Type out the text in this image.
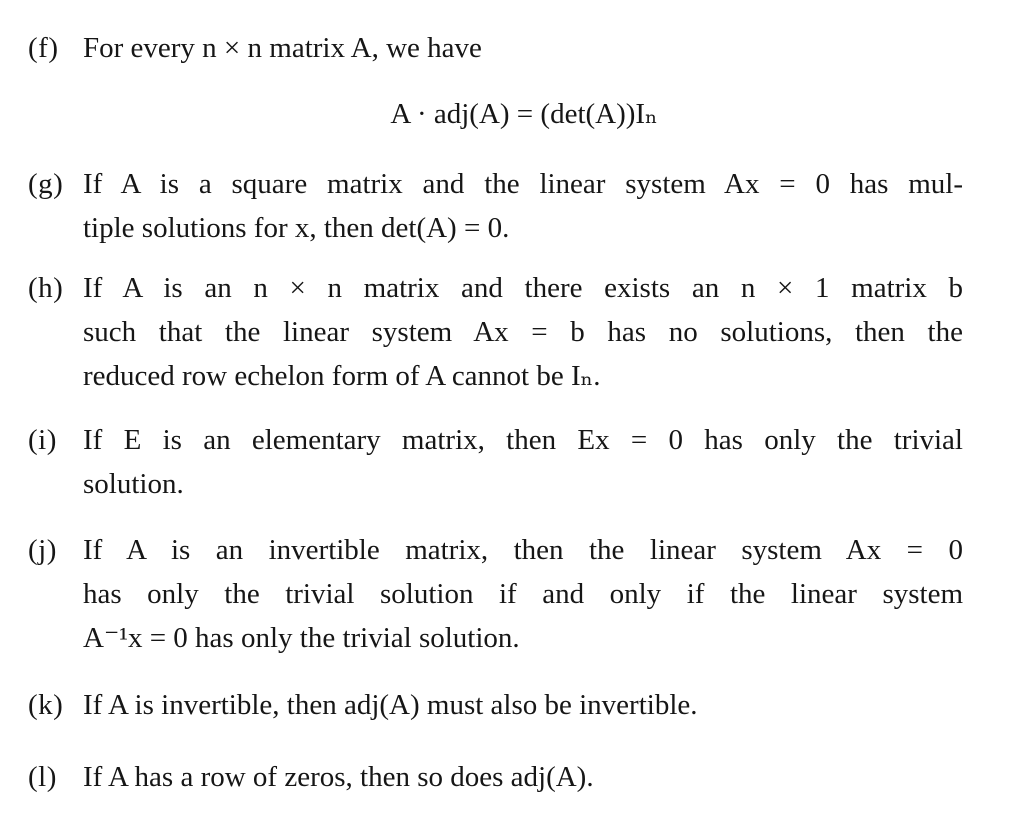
(f) For every n × n matrix A, we have
A · adj(A) = (det(A))Iₙ
(g) If A is a square matrix and the linear system Ax = 0 has mul-
tiple solutions for x, then det(A) = 0.
(h) If A is an n × n matrix and there exists an n × 1 matrix b
such that the linear system Ax = b has no solutions, then the
reduced row echelon form of A cannot be Iₙ.
(i) If E is an elementary matrix, then Ex = 0 has only the trivial
solution.
(j) If A is an invertible matrix, then the linear system Ax = 0
has only the trivial solution if and only if the linear system
A⁻¹x = 0 has only the trivial solution.
(k) If A is invertible, then adj(A) must also be invertible.
(l) If A has a row of zeros, then so does adj(A).
